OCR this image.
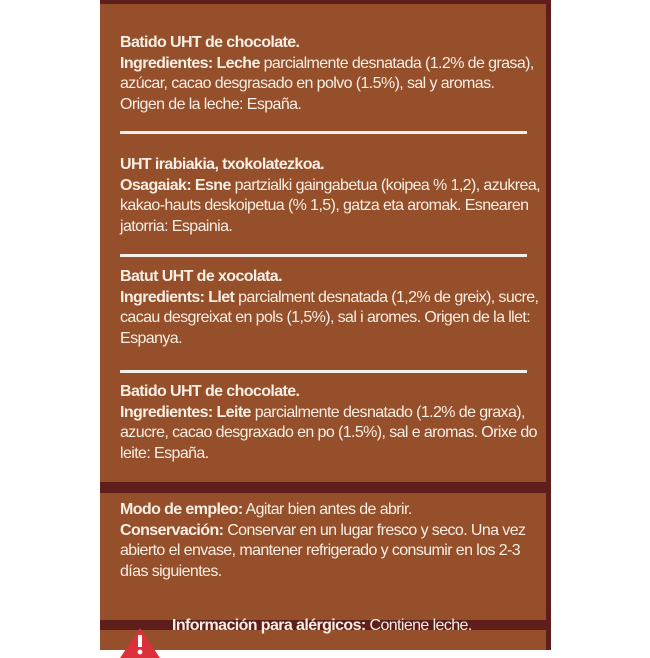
Batido UHT de chocolate.
Ingredientes: Leche parcialmente desnatada (1.2% de grasa), azúcar, cacao desgrasado en polvo (1.5%), sal y aromas. Origen de la leche: España.
UHT irabiakia, txokolatezkoa.
Osagaiak: Esne partzialki gaingabetua (koipea % 1,2), azukrea, kakao-hauts deskoipetua (% 1,5), gatza eta aromak. Esnearen jatorria: Espainia.
Batut UHT de xocolata.
Ingredients: Llet parcialment desnatada (1,2% de greix), sucre, cacau desgreixat en pols (1,5%), sal i aromes. Origen de la llet: Espanya.
Batido UHT de chocolate.
Ingredientes: Leite parcialmente desnatado (1.2% de graxa), azucre, cacao desgraxado en po (1.5%), sal e aromas. Orixe do leite: España.
Modo de empleo: Agitar bien antes de abrir.
Conservación: Conservar en un lugar fresco y seco. Una vez abierto el envase, mantener refrigerado y consumir en los 2-3 días siguientes.
Información para alérgicos: Contiene leche.
